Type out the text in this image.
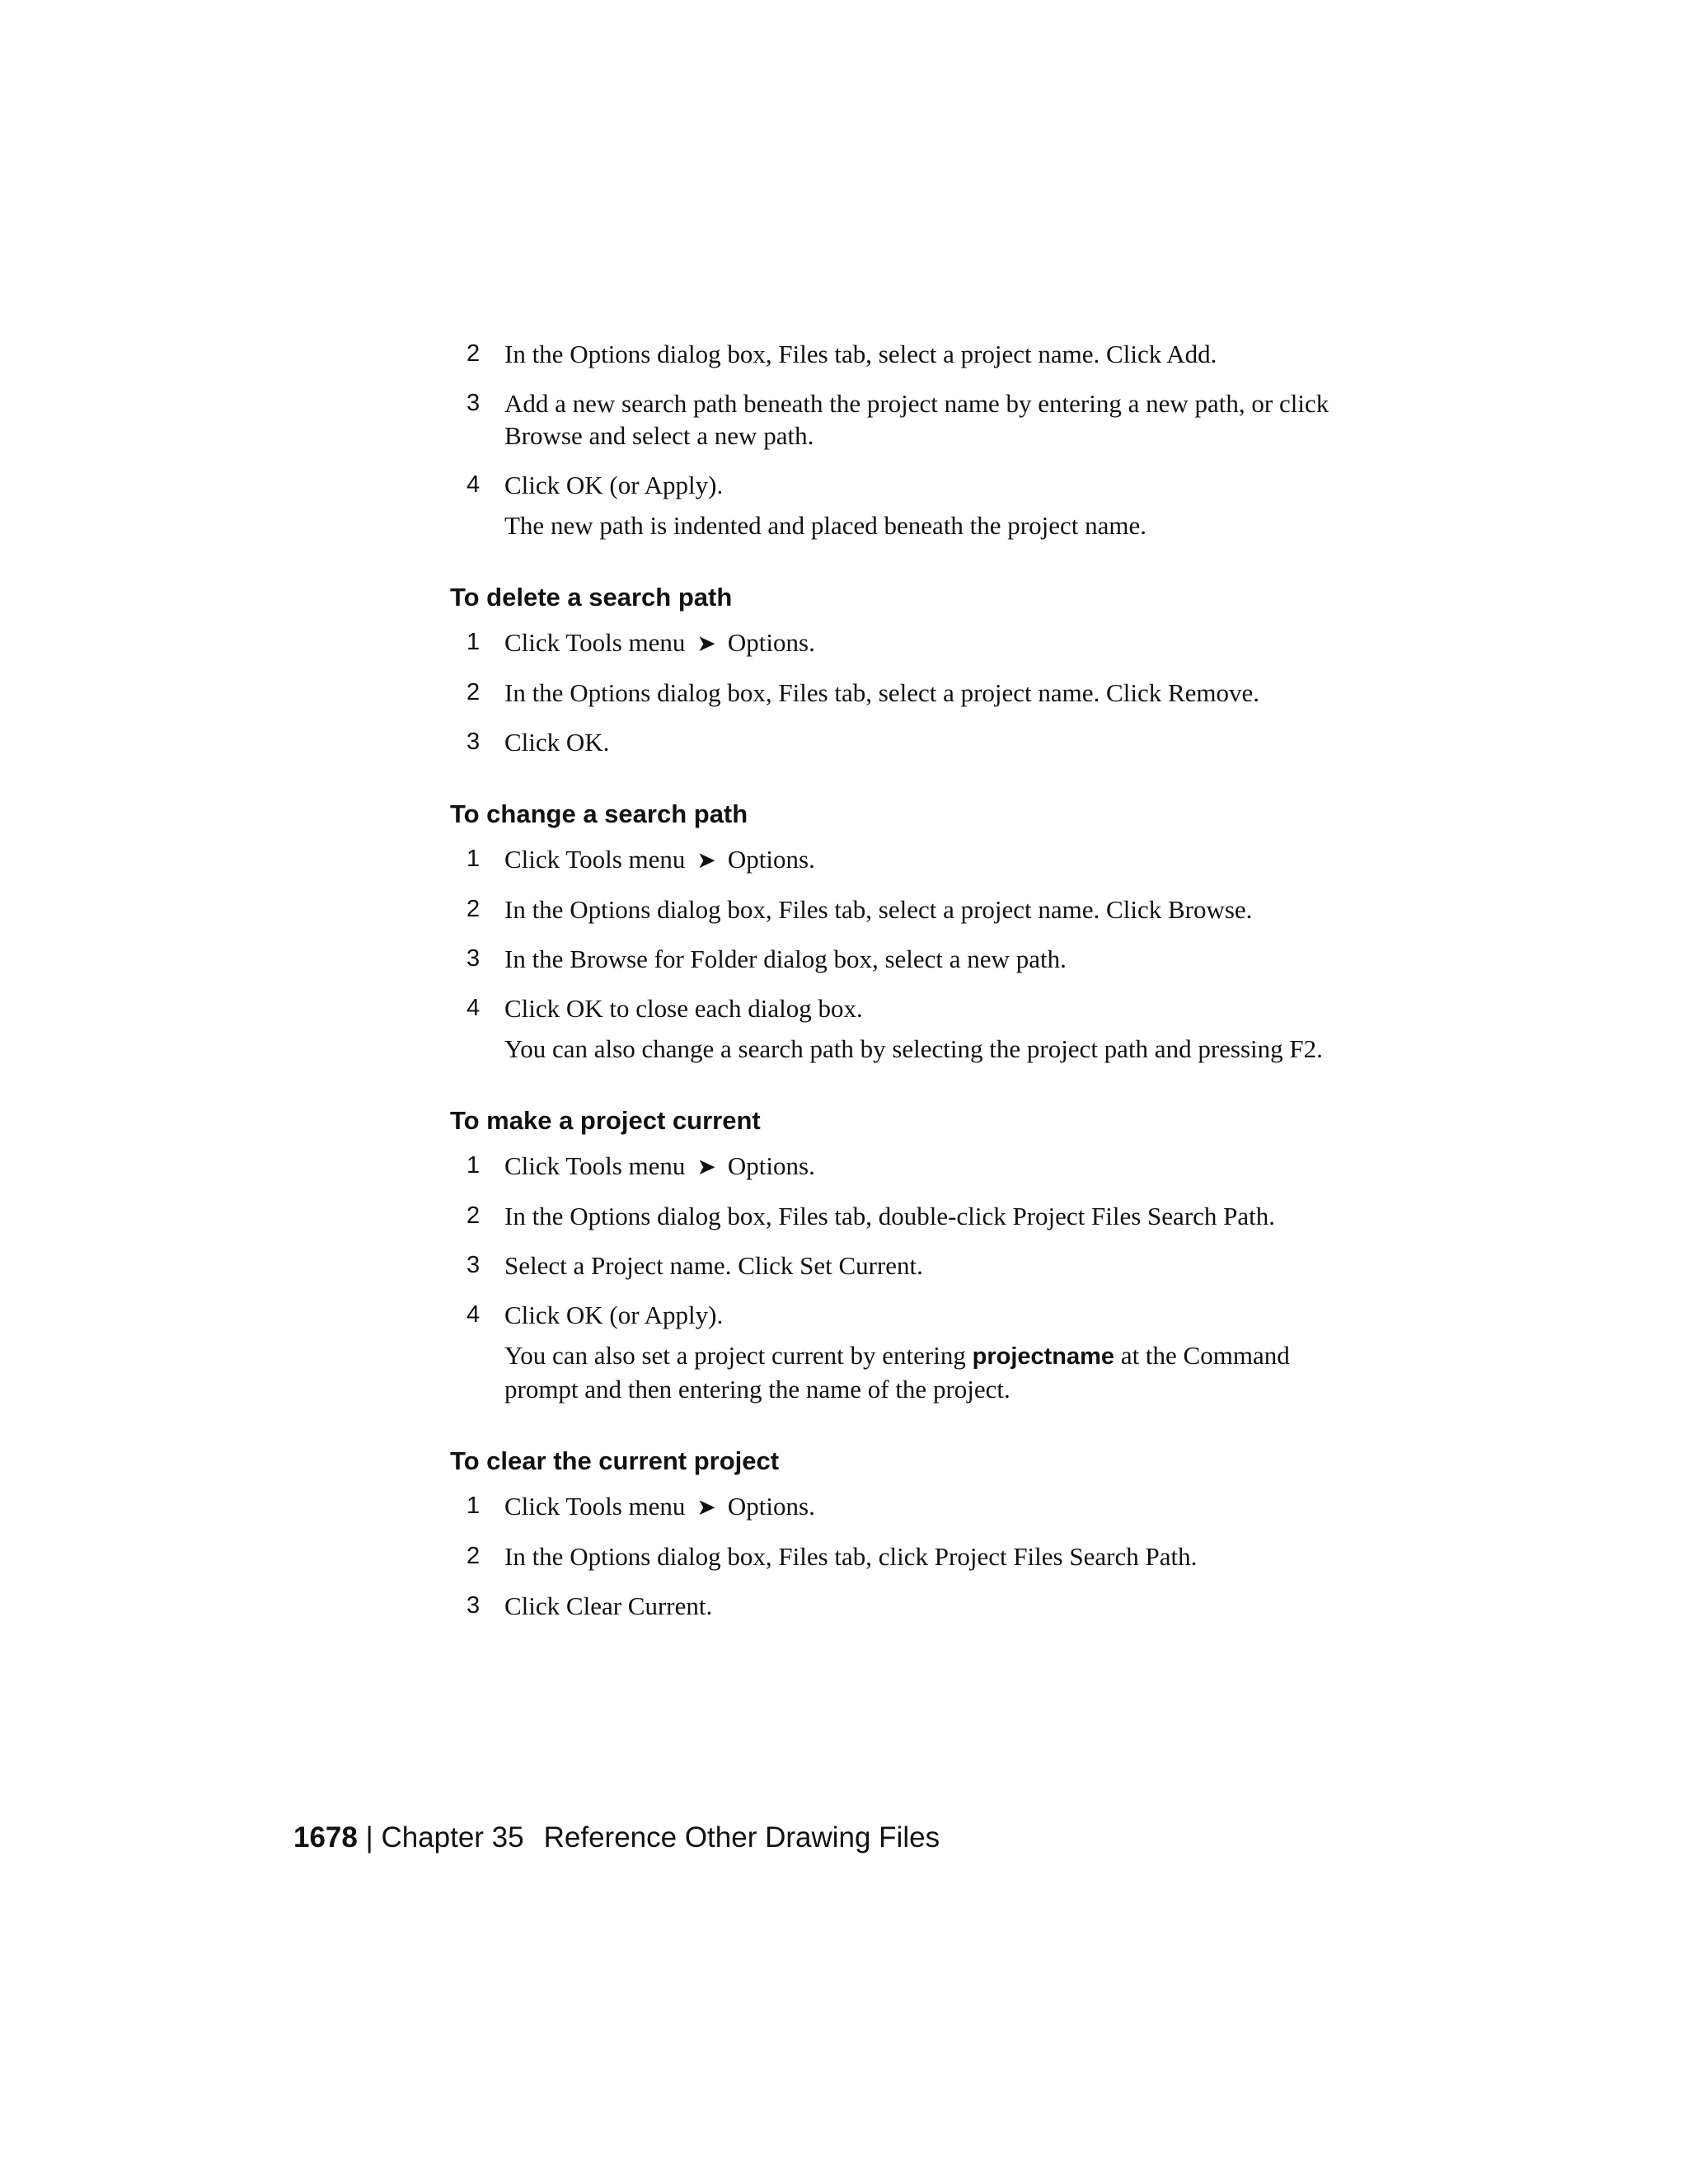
2 In the Options dialog box, Files tab, select a project name. Click Add.
3 Add a new search path beneath the project name by entering a new path, or click Browse and select a new path.
4 Click OK (or Apply).
The new path is indented and placed beneath the project name.
To delete a search path
1 Click Tools menu ➤ Options.
2 In the Options dialog box, Files tab, select a project name. Click Remove.
3 Click OK.
To change a search path
1 Click Tools menu ➤ Options.
2 In the Options dialog box, Files tab, select a project name. Click Browse.
3 In the Browse for Folder dialog box, select a new path.
4 Click OK to close each dialog box.
You can also change a search path by selecting the project path and pressing F2.
To make a project current
1 Click Tools menu ➤ Options.
2 In the Options dialog box, Files tab, double-click Project Files Search Path.
3 Select a Project name. Click Set Current.
4 Click OK (or Apply).
You can also set a project current by entering projectname at the Command prompt and then entering the name of the project.
To clear the current project
1 Click Tools menu ➤ Options.
2 In the Options dialog box, Files tab, click Project Files Search Path.
3 Click Clear Current.
1678 | Chapter 35 Reference Other Drawing Files
